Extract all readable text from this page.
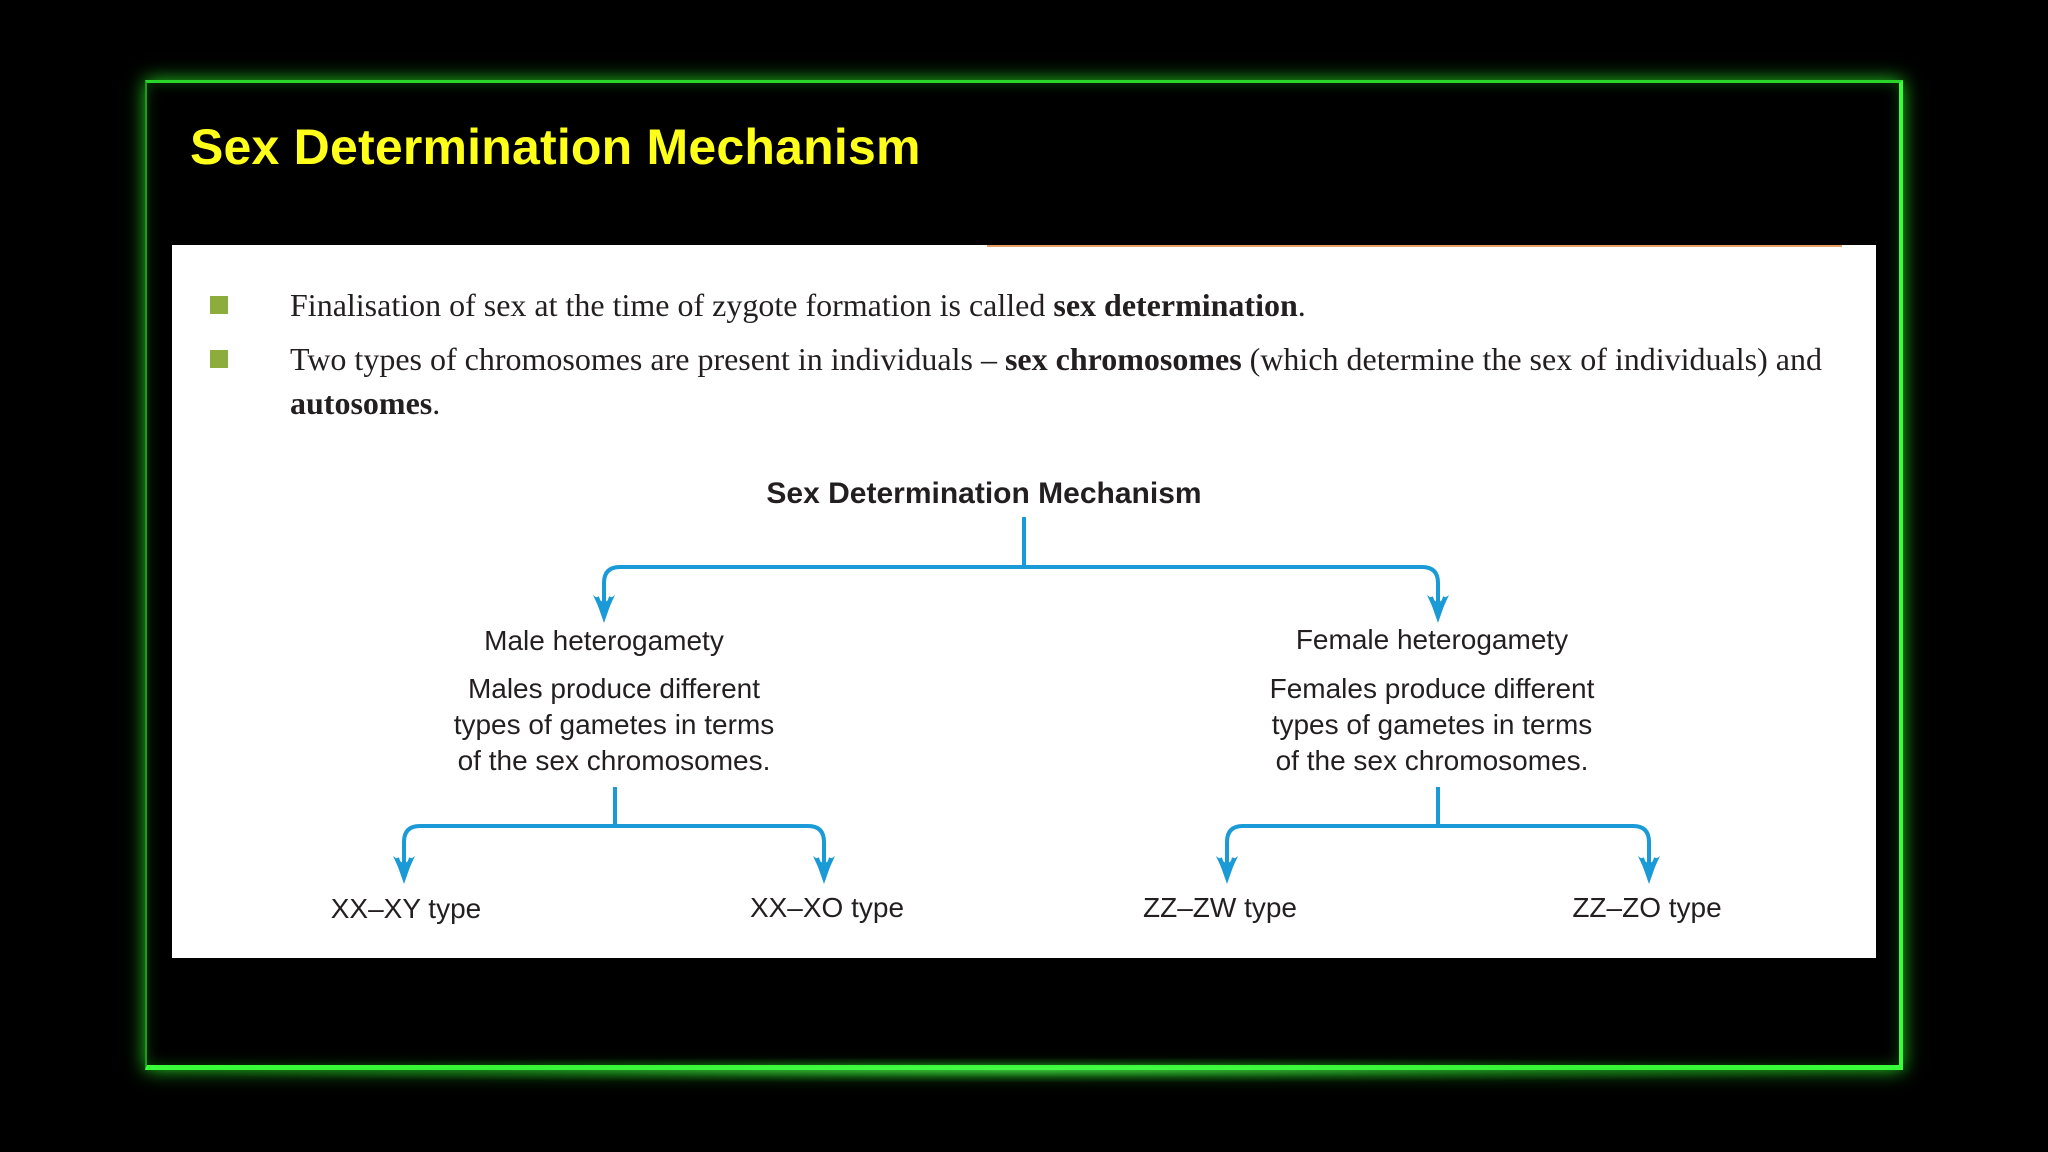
Sex Determination Mechanism
Finalisation of sex at the time of zygote formation is called sex determination.
Two types of chromosomes are present in individuals – sex chromosomes (which determine the sex of individuals) and autosomes.
Sex Determination Mechanism
Male heterogamety
Males produce different
types of gametes in terms
of the sex chromosomes.
Female heterogamety
Females produce different
types of gametes in terms
of the sex chromosomes.
XX–XY type	XX–XO type	ZZ–ZW type	ZZ–ZO type
